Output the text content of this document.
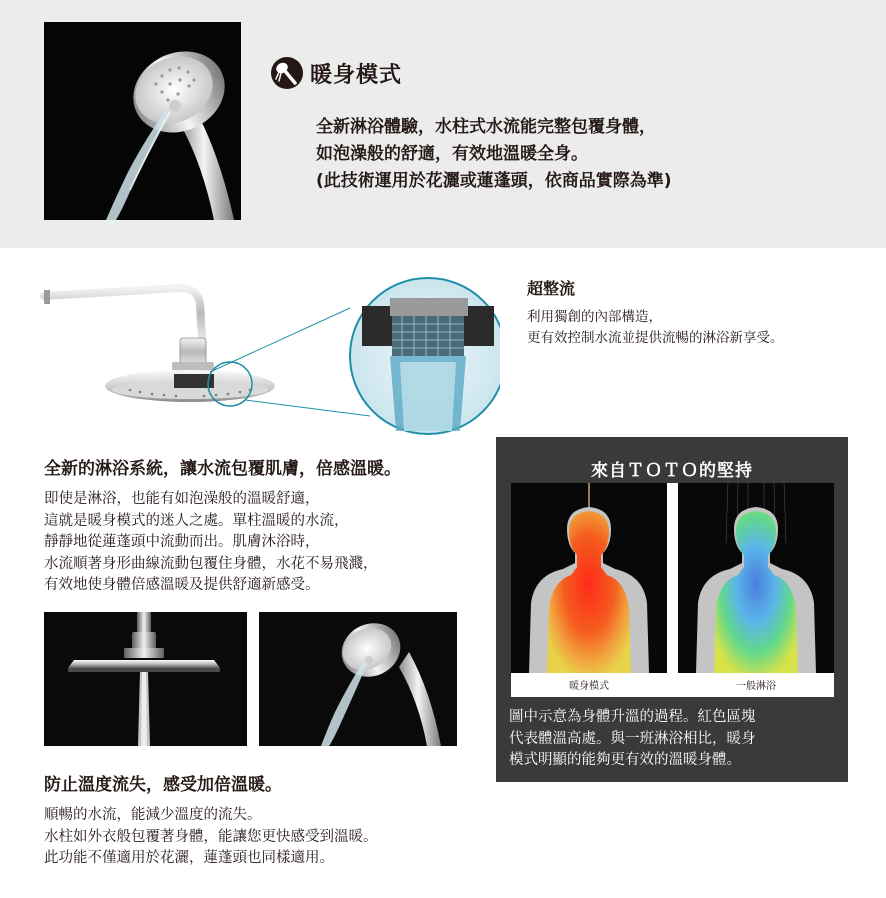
暖身模式
全新淋浴體驗，水柱式水流能完整包覆身體，
如泡澡般的舒適，有效地溫暖全身。
(此技術運用於花灑或蓮蓬頭，依商品實際為準)
超整流
利用獨創的內部構造，
更有效控制水流並提供流暢的淋浴新享受。
全新的淋浴系統，讓水流包覆肌膚，倍感溫暖。
即使是淋浴，也能有如泡澡般的溫暖舒適，
這就是暖身模式的迷人之處。單柱溫暖的水流，
靜靜地從蓮蓬頭中流動而出。肌膚沐浴時，
水流順著身形曲線流動包覆住身體，水花不易飛濺，
有效地使身體倍感溫暖及提供舒適新感受。
防止溫度流失，感受加倍溫暖。
順暢的水流，能減少溫度的流失。
水柱如外衣般包覆著身體，能讓您更快感受到溫暖。
此功能不僅適用於花灑，蓮蓬頭也同樣適用。
來自ＴＯＴＯ的堅持
暖身模式	一般淋浴
圖中示意為身體升溫的過程。紅色區塊
代表體溫高處。與一班淋浴相比，暖身
模式明顯的能夠更有效的溫暖身體。
